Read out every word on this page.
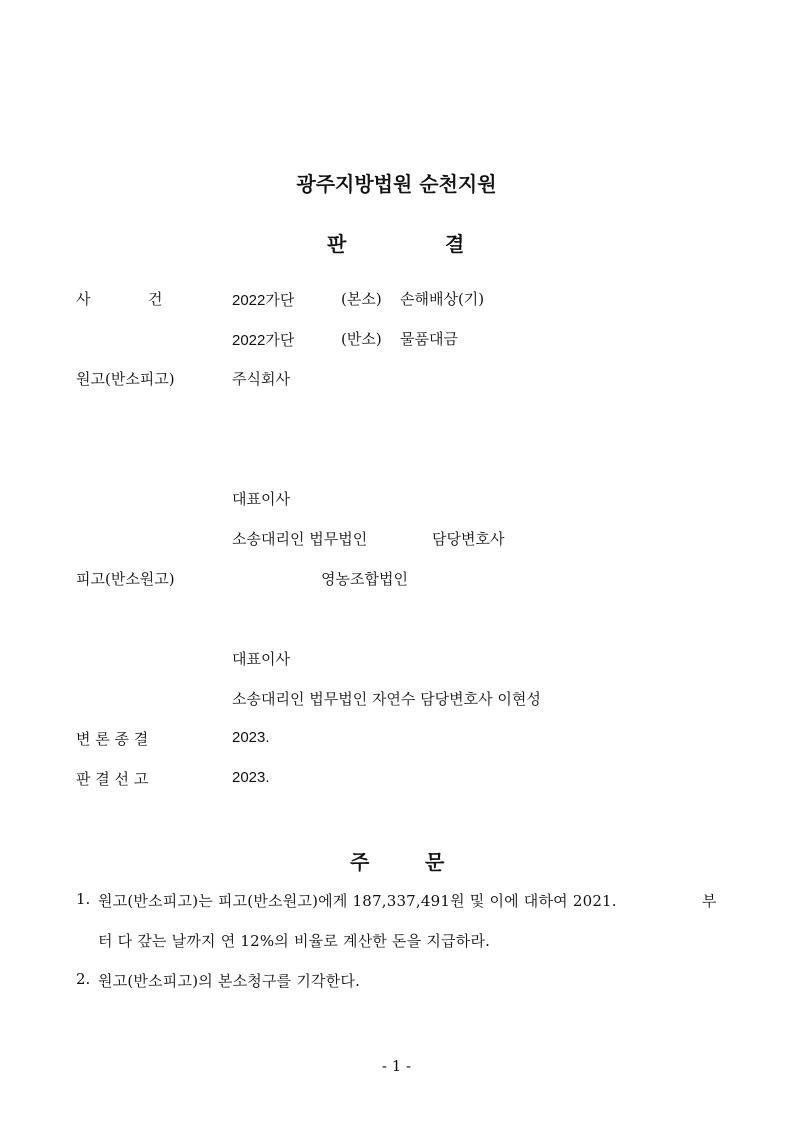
광주지방법원 순천지원
판	결
사	건	2022가단	(본소) 손해배상(기)
2022가단	(반소) 물품대금
원고(반소피고)	주식회사
대표이사
소송대리인 법무법인	담당변호사
피고(반소원고)	영농조합법인
대표이사
소송대리인 법무법인 자연수 담당변호사 이현성
변 론 종 결	2023.
판 결 선 고	2023.
주	문
1. 원고(반소피고)는 피고(반소원고)에게 187,337,491원 및 이에 대하여 2021.	부
터 다 갚는 날까지 연 12%의 비율로 계산한 돈을 지급하라.
2. 원고(반소피고)의 본소청구를 기각한다.
- 1 -
